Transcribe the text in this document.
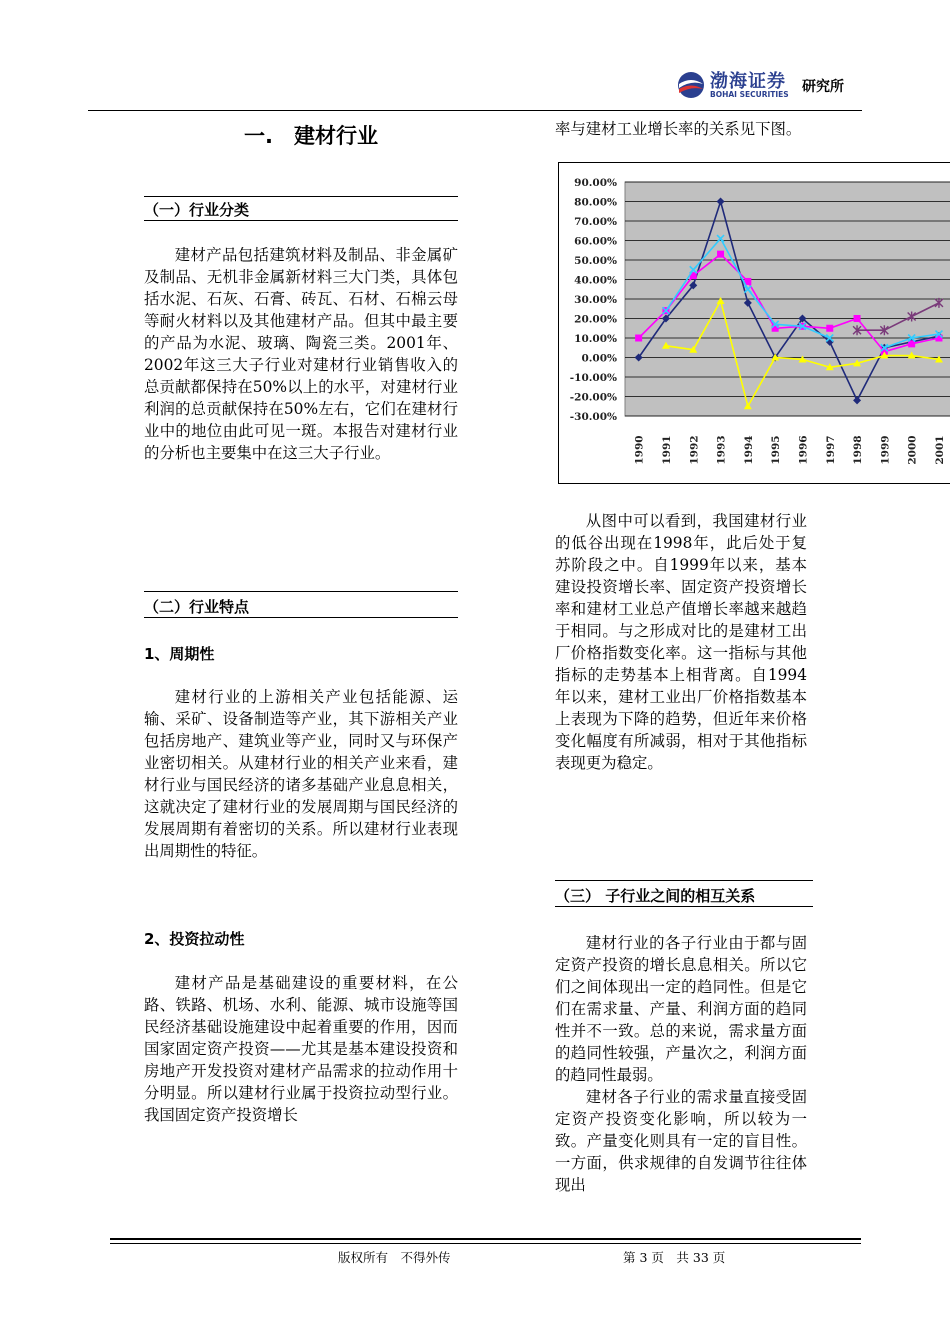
渤海证券
BOHAI SECURITIES 研究所
一.　建材行业
（一）行业分类

建材产品包括建筑材料及制品、非金属矿及制品、无机非金属新材料三大门类，具体包括水泥、石灰、石膏、砖瓦、石材、石棉云母等耐火材料以及其他建材产品。但其中最主要的产品为水泥、玻璃、陶瓷三类。2001年、2002年这三大子行业对建材行业销售收入的总贡献都保持在50%以上的水平，对建材行业利润的总贡献保持在50%左右，它们在建材行业中的地位由此可见一斑。本报告对建材行业的分析也主要集中在这三大子行业。

（二）行业特点
1、周期性

建材行业的上游相关产业包括能源、运输、采矿、设备制造等产业，其下游相关产业包括房地产、建筑业等产业，同时又与环保产业密切相关。从建材行业的相关产业来看，建材行业与国民经济的诸多基础产业息息相关，这就决定了建材行业的发展周期与国民经济的发展周期有着密切的关系。所以建材行业表现出周期性的特征。

2、投资拉动性

建材产品是基础建设的重要材料，在公路、铁路、机场、水利、能源、城市设施等国民经济基础设施建设中起着重要的作用，因而国家固定资产投资——尤其是基本建设投资和房地产开发投资对建材产品需求的拉动作用十分明显。所以建材行业属于投资拉动型行业。我国固定资产投资增长

率与建材工业增长率的关系见下图。

90.00%
80.00%
70.00%
60.00%
50.00%
40.00%
30.00%
20.00%
10.00%
0.00%
-10.00%
-20.00%
-30.00%
1990 1991 1992 1993 1994 1995 1996 1997 1998 1999 2000 2001

从图中可以看到，我国建材行业的低谷出现在1998年，此后处于复苏阶段之中。自1999年以来，基本建设投资增长率、固定资产投资增长率和建材工业总产值增长率越来越趋于相同。与之形成对比的是建材工出厂价格指数变化率。这一指标与其他指标的走势基本上相背离。自1994年以来，建材工业出厂价格指数基本上表现为下降的趋势，但近年来价格变化幅度有所减弱，相对于其他指标表现更为稳定。

（三） 子行业之间的相互关系

建材行业的各子行业由于都与固定资产投资的增长息息相关。所以它们之间体现出一定的趋同性。但是它们在需求量、产量、利润方面的趋同性并不一致。总的来说，需求量方面的趋同性较强，产量次之，利润方面的趋同性最弱。

建材各子行业的需求量直接受固定资产投资变化影响，所以较为一致。产量变化则具有一定的盲目性。一方面，供求规律的自发调节往往体现出

版权所有　不得外传	第 3 页　共 33 页
